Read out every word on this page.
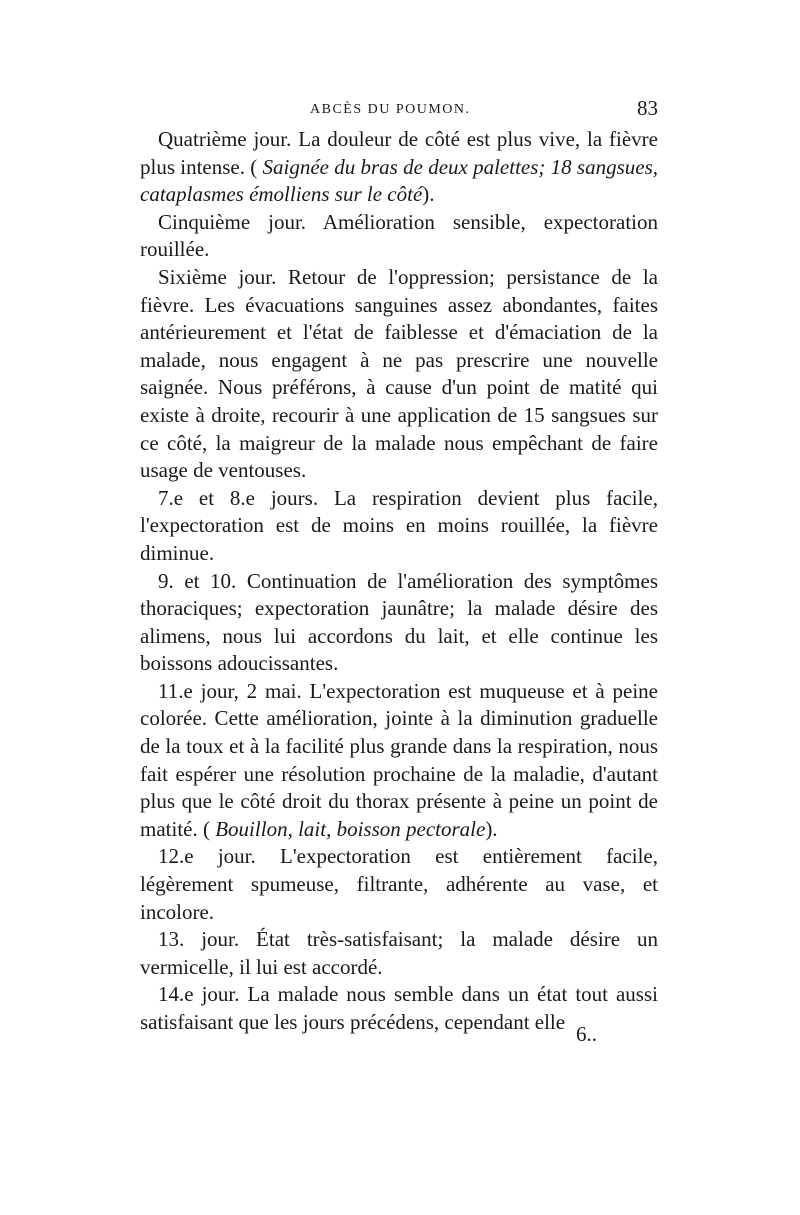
ABCÈS DU POUMON.	83

Quatrième jour. La douleur de côté est plus vive, la fièvre plus intense. ( Saignée du bras de deux palettes; 18 sangsues, cataplasmes émolliens sur le côté).

Cinquième jour. Amélioration sensible, expectoration rouillée.

Sixième jour. Retour de l'oppression; persistance de la fièvre. Les évacuations sanguines assez abondantes, faites antérieurement et l'état de faiblesse et d'émaciation de la malade, nous engagent à ne pas prescrire une nouvelle saignée. Nous préférons, à cause d'un point de matité qui existe à droite, recourir à une application de 15 sangsues sur ce côté, la maigreur de la malade nous empêchant de faire usage de ventouses.

7.e et 8.e jours. La respiration devient plus facile, l'expectoration est de moins en moins rouillée, la fièvre diminue.

9. et 10. Continuation de l'amélioration des symptômes thoraciques; expectoration jaunâtre; la malade désire des alimens, nous lui accordons du lait, et elle continue les boissons adoucissantes.

11.e jour, 2 mai. L'expectoration est muqueuse et à peine colorée. Cette amélioration, jointe à la diminution graduelle de la toux et à la facilité plus grande dans la respiration, nous fait espérer une résolution prochaine de la maladie, d'autant plus que le côté droit du thorax présente à peine un point de matité. ( Bouillon, lait, boisson pectorale).

12.e jour. L'expectoration est entièrement facile, légèrement spumeuse, filtrante, adhérente au vase, et incolore.

13. jour. État très-satisfaisant; la malade désire un vermicelle, il lui est accordé.

14.e jour. La malade nous semble dans un état tout aussi satisfaisant que les jours précédens, cependant elle 6..
